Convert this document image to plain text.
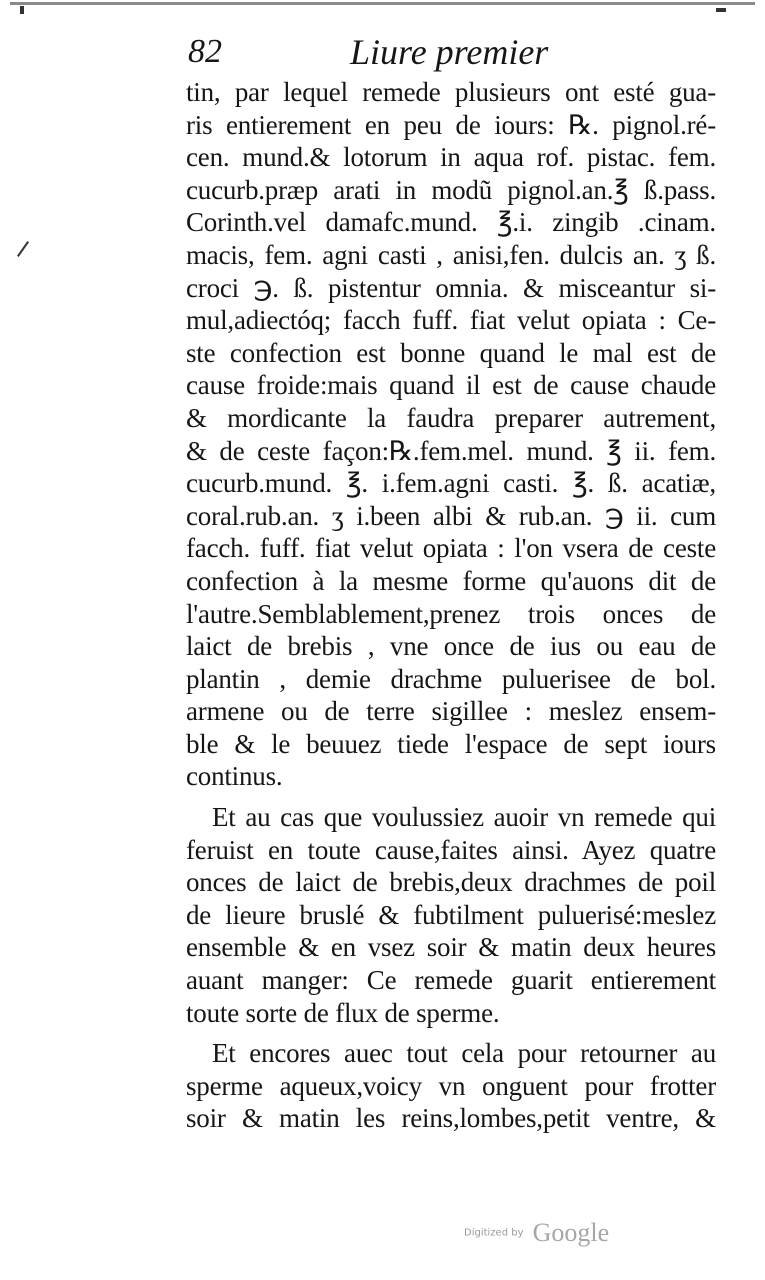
82	Liure premier
tin, par lequel remede plusieurs ont esté gua-
ris entierement en peu de iours: ℞. pignol.ré-
cen. mund.& lotorum in aqua rof. pistac. fem.
cucurb.præp arati in modũ pignol.an.℥ ß.pass.
Corinth.vel damafc.mund. ℥.i. zingib .cinam.
macis, fem. agni casti , anisi,fen. dulcis an. ʒ ß.
croci ℈. ß. pistentur omnia. & misceantur si-
mul,adiectóq; facch fuff. fiat velut opiata : Ce-
ste confection est bonne quand le mal est de
cause froide:mais quand il est de cause chaude
& mordicante la faudra preparer autrement,
& de ceste façon:℞.fem.mel. mund. ℥ ii. fem.
cucurb.mund. ℥. i.fem.agni casti. ℥. ß. acatiæ,
coral.rub.an. ʒ i.been albi & rub.an. ℈ ii. cum
facch. fuff. fiat velut opiata : l'on vsera de ceste
confection à la mesme forme qu'auons dit de
l'autre.Semblablement,prenez trois onces de
laict de brebis , vne once de ius ou eau de
plantin , demie drachme puluerisee de bol.
armene ou de terre sigillee : meslez ensem-
ble & le beuuez tiede l'espace de sept iours
continus.
Et au cas que voulussiez auoir vn remede qui
feruist en toute cause,faites ainsi. Ayez quatre
onces de laict de brebis,deux drachmes de poil
de lieure bruslé & fubtilment puluerisé:meslez
ensemble & en vsez soir & matin deux heures
auant manger: Ce remede guarit entierement
toute sorte de flux de sperme.
Et encores auec tout cela pour retourner au
sperme aqueux,voicy vn onguent pour frotter
soir & matin les reins,lombes,petit ventre, &
Digitized by Google
